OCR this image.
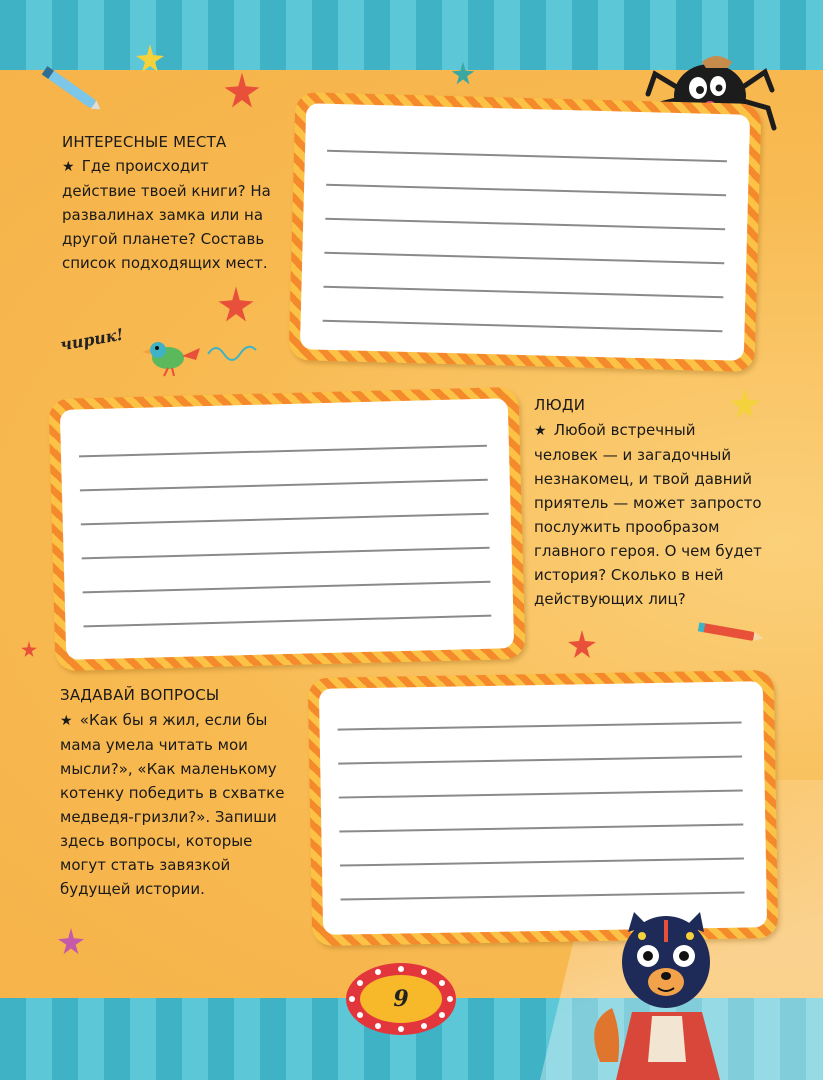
чирик!
ИНТЕРЕСНЫЕ МЕСТА
★ Где происходит
действие твоей книги? На
развалинах замка или на
другой планете? Составь
список подходящих мест.
ЛЮДИ
★ Любой встречный
человек — и загадочный
незнакомец, и твой давний
приятель — может запросто
послужить прообразом
главного героя. О чем будет
история? Сколько в ней
действующих лиц?
ЗАДАВАЙ ВОПРОСЫ
★ «Как бы я жил, если бы
мама умела читать мои
мысли?», «Как маленькому
котенку победить в схватке
медведя-гризли?». Запиши
здесь вопросы, которые
могут стать завязкой
будущей истории.
9
